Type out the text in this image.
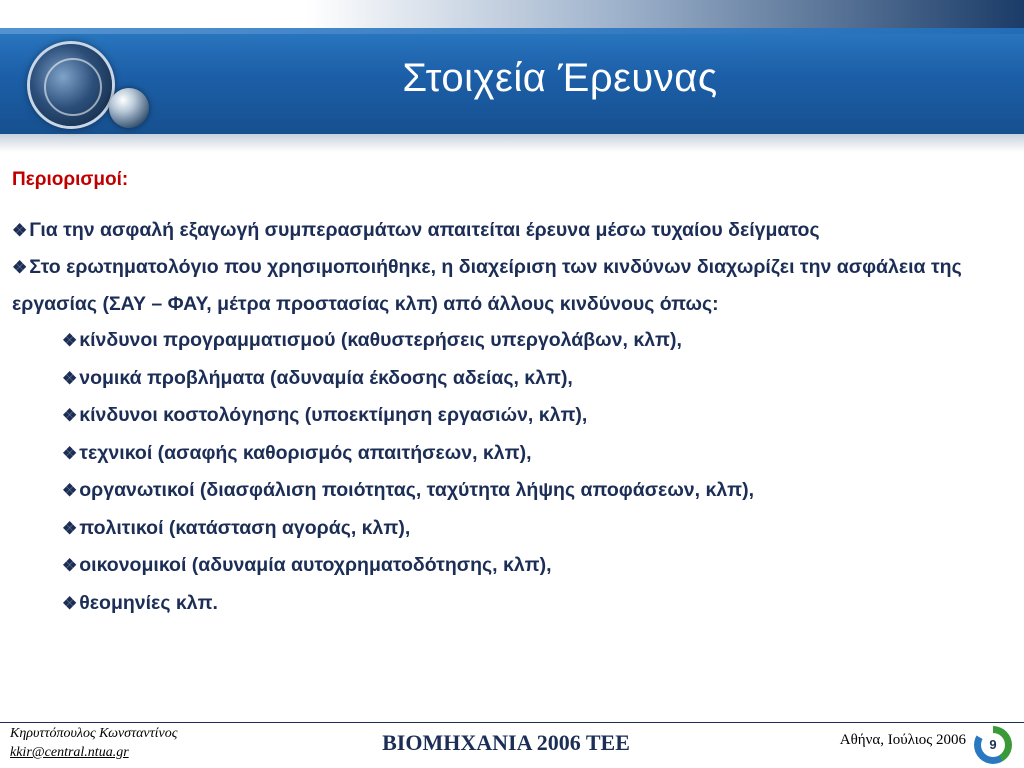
Στοιχεία Έρευνας
Περιορισμοί:
❖ Για την ασφαλή εξαγωγή συμπερασμάτων απαιτείται έρευνα μέσω τυχαίου δείγματος
❖ Στο ερωτηματολόγιο που χρησιμοποιήθηκε, η διαχείριση των κινδύνων διαχωρίζει την ασφάλεια της εργασίας (ΣΑΥ – ΦΑΥ, μέτρα προστασίας κλπ) από άλλους κινδύνους όπως:
❖ κίνδυνοι προγραμματισμού (καθυστερήσεις υπεργολάβων, κλπ),
❖ νομικά προβλήματα (αδυναμία έκδοσης αδείας, κλπ),
❖ κίνδυνοι κοστολόγησης (υποεκτίμηση εργασιών, κλπ),
❖ τεχνικοί (ασαφής καθορισμός απαιτήσεων, κλπ),
❖ οργανωτικοί (διασφάλιση ποιότητας, ταχύτητα λήψης αποφάσεων, κλπ),
❖ πολιτικοί (κατάσταση αγοράς, κλπ),
❖ οικονομικοί (αδυναμία αυτοχρηματοδότησης, κλπ),
❖ θεομηνίες κλπ.
Κηρυττόπουλος Κωνσταντίνος
kkir@central.ntua.gr	ΒΙΟΜΗΧΑΝΙΑ 2006 ΤΕΕ	Αθήνα, Ιούλιος 2006	9
